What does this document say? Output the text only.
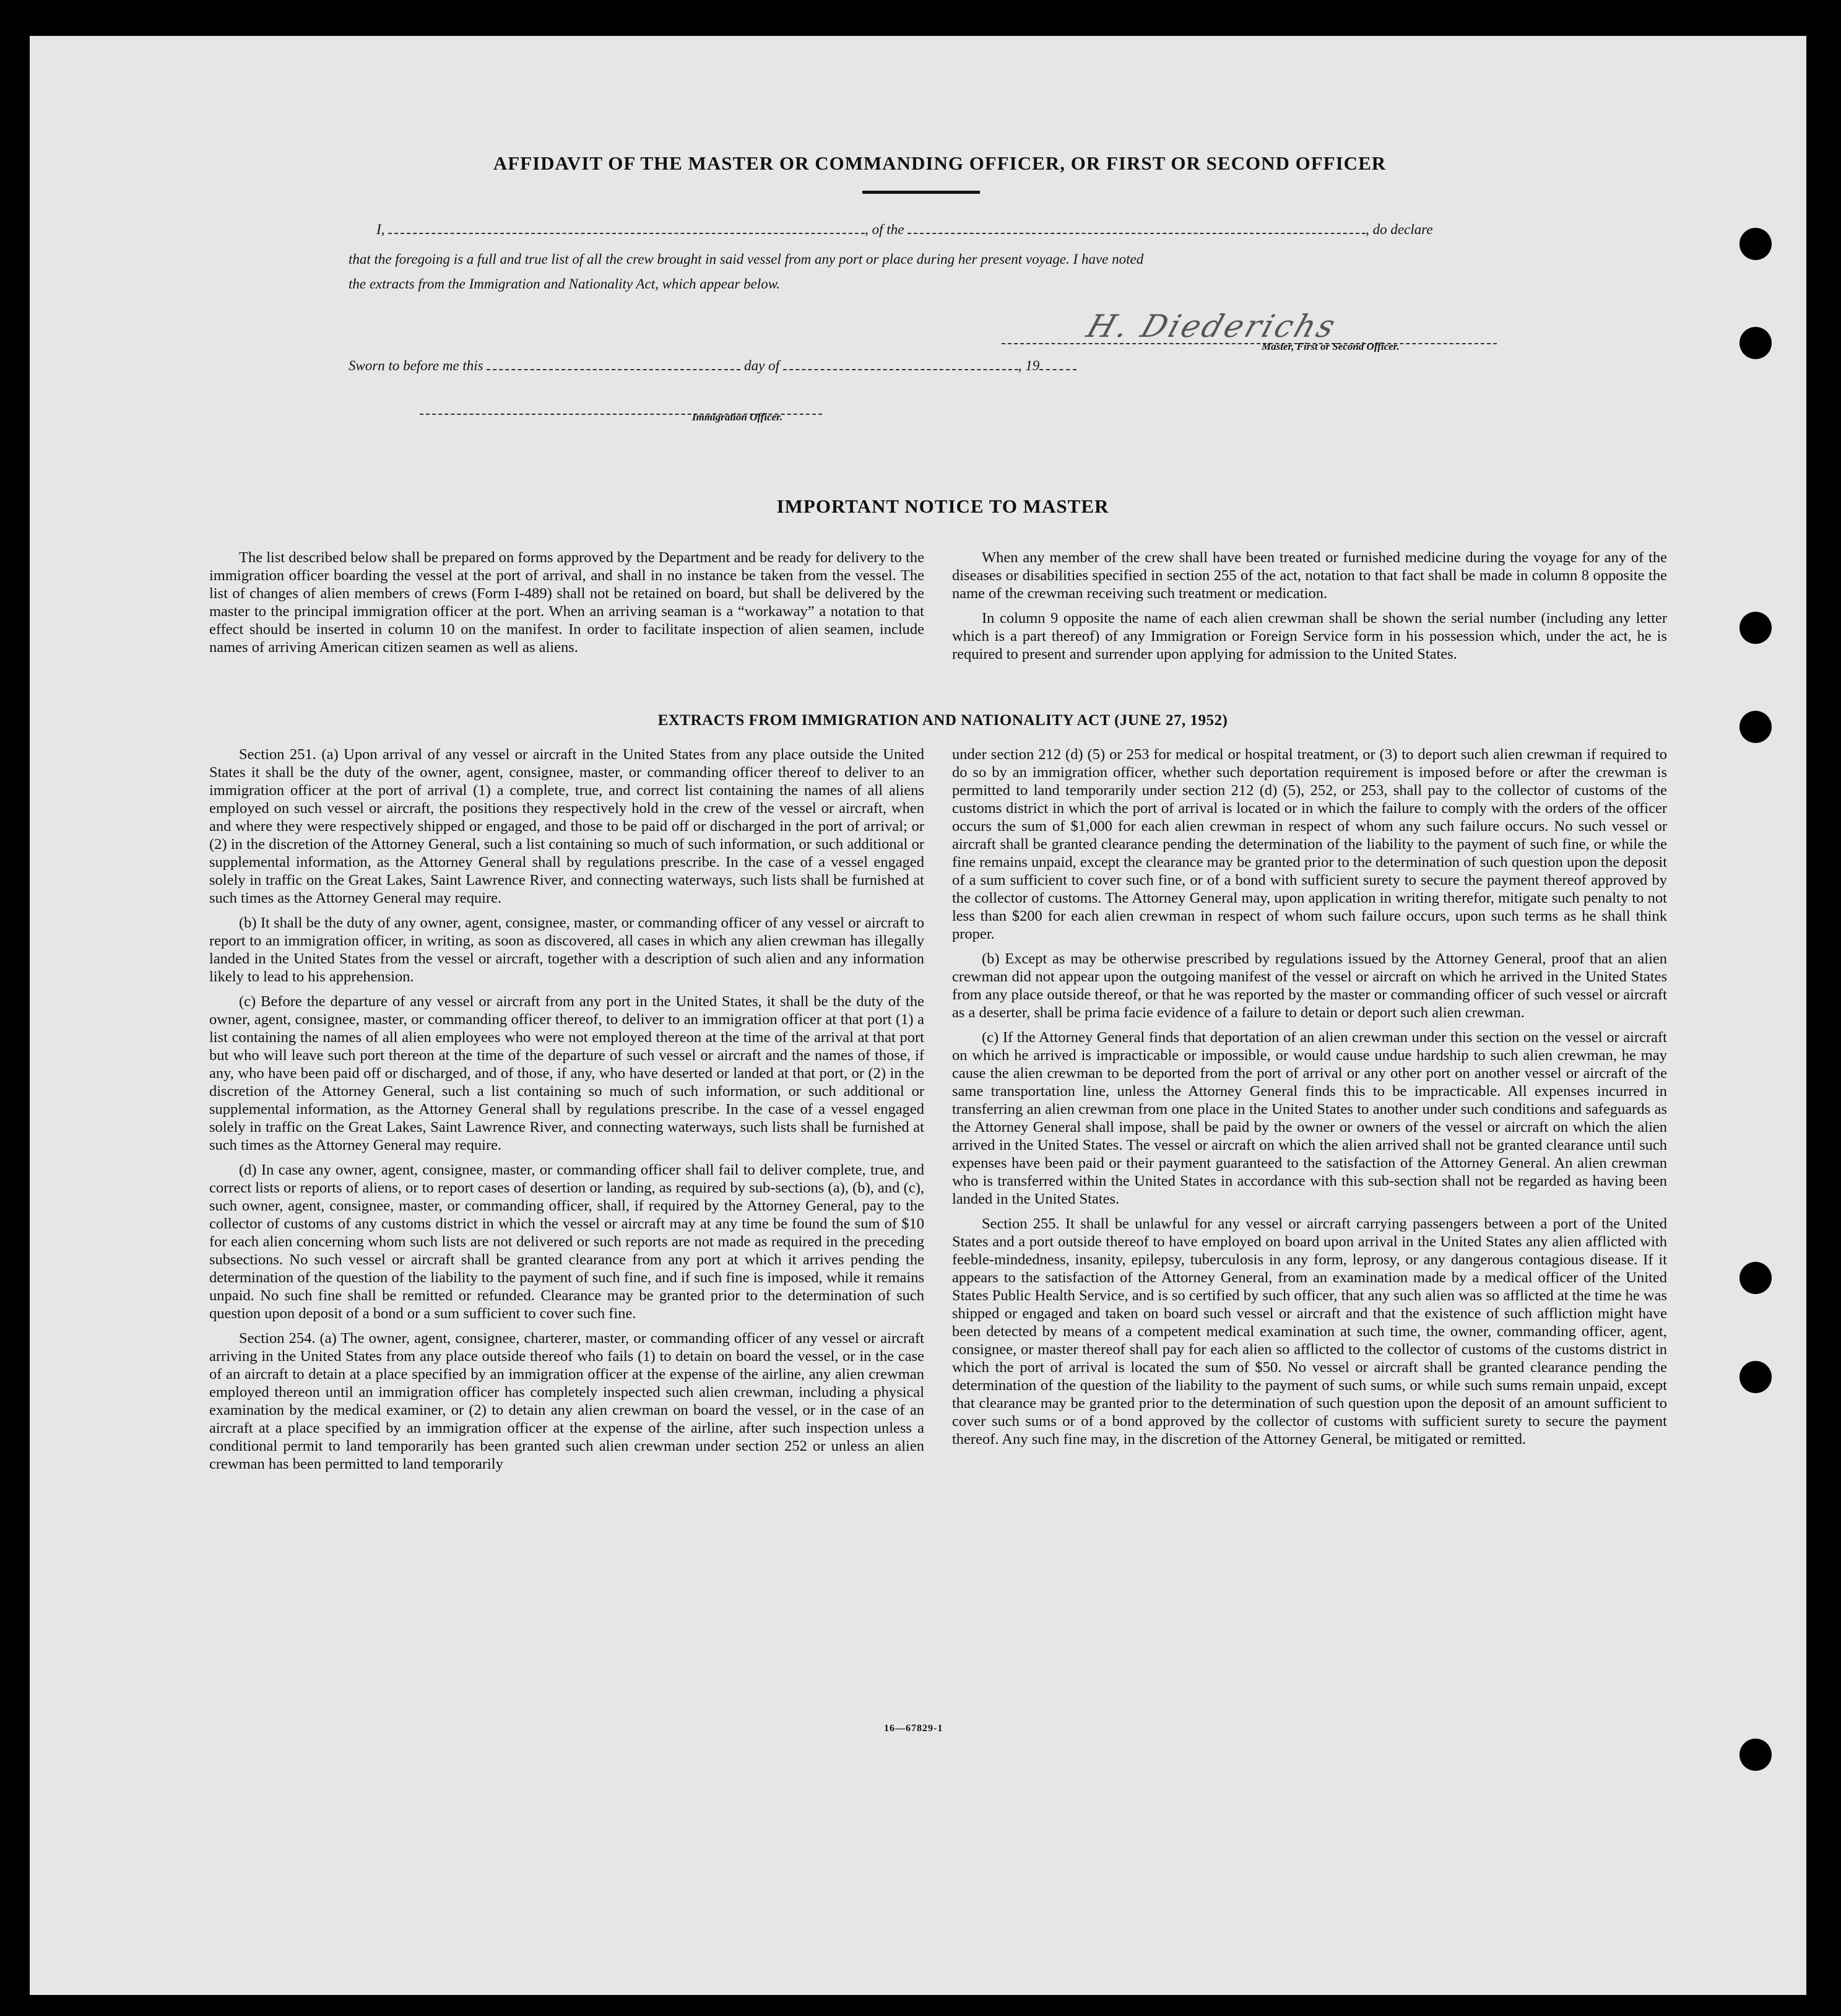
AFFIDAVIT OF THE MASTER OR COMMANDING OFFICER, OR FIRST OR SECOND OFFICER
I,	, of the	, do declare
that the foregoing is a full and true list of all the crew brought in said vessel from any port or place during her present voyage. I have noted
the extracts from the Immigration and Nationality Act, which appear below.
H. Diederichs
Master, First or Second Officer.
Sworn to before me this	day of	, 19
Immigration Officer.
IMPORTANT NOTICE TO MASTER

The list described below shall be prepared on forms approved by the Department and be ready for delivery to the immigration officer boarding the vessel at the port of arrival, and shall in no instance be taken from the vessel. The list of changes of alien members of crews (Form I-489) shall not be retained on board, but shall be delivered by the master to the principal immigration officer at the port. When an arriving seaman is a “workaway” a notation to that effect should be inserted in column 10 on the manifest. In order to facilitate inspection of alien seamen, include names of arriving American citizen seamen as well as aliens.

When any member of the crew shall have been treated or furnished medicine during the voyage for any of the diseases or disabilities specified in section 255 of the act, notation to that fact shall be made in column 8 opposite the name of the crewman receiving such treatment or medication.

In column 9 opposite the name of each alien crewman shall be shown the serial number (including any letter which is a part thereof) of any Immigration or Foreign Service form in his possession which, under the act, he is required to present and surrender upon applying for admission to the United States.

EXTRACTS FROM IMMIGRATION AND NATIONALITY ACT (JUNE 27, 1952)

Section 251. (a) Upon arrival of any vessel or aircraft in the United States from any place outside the United States it shall be the duty of the owner, agent, consignee, master, or commanding officer thereof to deliver to an immigration officer at the port of arrival (1) a complete, true, and correct list containing the names of all aliens employed on such vessel or aircraft, the positions they respectively hold in the crew of the vessel or aircraft, when and where they were respectively shipped or engaged, and those to be paid off or discharged in the port of arrival; or (2) in the discretion of the Attorney General, such a list containing so much of such information, or such additional or supplemental information, as the Attorney General shall by regulations prescribe. In the case of a vessel engaged solely in traffic on the Great Lakes, Saint Lawrence River, and connecting waterways, such lists shall be furnished at such times as the Attorney General may require.

(b) It shall be the duty of any owner, agent, consignee, master, or commanding officer of any vessel or aircraft to report to an immigration officer, in writing, as soon as discovered, all cases in which any alien crewman has illegally landed in the United States from the vessel or aircraft, together with a description of such alien and any information likely to lead to his apprehension.

(c) Before the departure of any vessel or aircraft from any port in the United States, it shall be the duty of the owner, agent, consignee, master, or commanding officer thereof, to deliver to an immigration officer at that port (1) a list containing the names of all alien employees who were not employed thereon at the time of the arrival at that port but who will leave such port thereon at the time of the departure of such vessel or aircraft and the names of those, if any, who have been paid off or discharged, and of those, if any, who have deserted or landed at that port, or (2) in the discretion of the Attorney General, such a list containing so much of such information, or such additional or supplemental information, as the Attorney General shall by regulations prescribe. In the case of a vessel engaged solely in traffic on the Great Lakes, Saint Lawrence River, and connecting waterways, such lists shall be furnished at such times as the Attorney General may require.

(d) In case any owner, agent, consignee, master, or commanding officer shall fail to deliver complete, true, and correct lists or reports of aliens, or to report cases of desertion or landing, as required by sub-sections (a), (b), and (c), such owner, agent, consignee, master, or commanding officer, shall, if required by the Attorney General, pay to the collector of customs of any customs district in which the vessel or aircraft may at any time be found the sum of $10 for each alien concerning whom such lists are not delivered or such reports are not made as required in the preceding subsections. No such vessel or aircraft shall be granted clearance from any port at which it arrives pending the determination of the question of the liability to the payment of such fine, and if such fine is imposed, while it remains unpaid. No such fine shall be remitted or refunded. Clearance may be granted prior to the determination of such question upon deposit of a bond or a sum sufficient to cover such fine.

Section 254. (a) The owner, agent, consignee, charterer, master, or commanding officer of any vessel or aircraft arriving in the United States from any place outside thereof who fails (1) to detain on board the vessel, or in the case of an aircraft to detain at a place specified by an immigration officer at the expense of the airline, any alien crewman employed thereon until an immigration officer has completely inspected such alien crewman, including a physical examination by the medical examiner, or (2) to detain any alien crewman on board the vessel, or in the case of an aircraft at a place specified by an immigration officer at the expense of the airline, after such inspection unless a conditional permit to land temporarily has been granted such alien crewman under section 252 or unless an alien crewman has been permitted to land temporarily

under section 212 (d) (5) or 253 for medical or hospital treatment, or (3) to deport such alien crewman if required to do so by an immigration officer, whether such deportation requirement is imposed before or after the crewman is permitted to land temporarily under section 212 (d) (5), 252, or 253, shall pay to the collector of customs of the customs district in which the port of arrival is located or in which the failure to comply with the orders of the officer occurs the sum of $1,000 for each alien crewman in respect of whom any such failure occurs. No such vessel or aircraft shall be granted clearance pending the determination of the liability to the payment of such fine, or while the fine remains unpaid, except the clearance may be granted prior to the determination of such question upon the deposit of a sum sufficient to cover such fine, or of a bond with sufficient surety to secure the payment thereof approved by the collector of customs. The Attorney General may, upon application in writing therefor, mitigate such penalty to not less than $200 for each alien crewman in respect of whom such failure occurs, upon such terms as he shall think proper.

(b) Except as may be otherwise prescribed by regulations issued by the Attorney General, proof that an alien crewman did not appear upon the outgoing manifest of the vessel or aircraft on which he arrived in the United States from any place outside thereof, or that he was reported by the master or commanding officer of such vessel or aircraft as a deserter, shall be prima facie evidence of a failure to detain or deport such alien crewman.

(c) If the Attorney General finds that deportation of an alien crewman under this section on the vessel or aircraft on which he arrived is impracticable or impossible, or would cause undue hardship to such alien crewman, he may cause the alien crewman to be deported from the port of arrival or any other port on another vessel or aircraft of the same transportation line, unless the Attorney General finds this to be impracticable. All expenses incurred in transferring an alien crewman from one place in the United States to another under such conditions and safeguards as the Attorney General shall impose, shall be paid by the owner or owners of the vessel or aircraft on which the alien arrived in the United States. The vessel or aircraft on which the alien arrived shall not be granted clearance until such expenses have been paid or their payment guaranteed to the satisfaction of the Attorney General. An alien crewman who is transferred within the United States in accordance with this sub-section shall not be regarded as having been landed in the United States.

Section 255. It shall be unlawful for any vessel or aircraft carrying passengers between a port of the United States and a port outside thereof to have employed on board upon arrival in the United States any alien afflicted with feeble-mindedness, insanity, epilepsy, tuberculosis in any form, leprosy, or any dangerous contagious disease. If it appears to the satisfaction of the Attorney General, from an examination made by a medical officer of the United States Public Health Service, and is so certified by such officer, that any such alien was so afflicted at the time he was shipped or engaged and taken on board such vessel or aircraft and that the existence of such affliction might have been detected by means of a competent medical examination at such time, the owner, commanding officer, agent, consignee, or master thereof shall pay for each alien so afflicted to the collector of customs of the customs district in which the port of arrival is located the sum of $50. No vessel or aircraft shall be granted clearance pending the determination of the question of the liability to the payment of such sums, or while such sums remain unpaid, except that clearance may be granted prior to the determination of such question upon the deposit of an amount sufficient to cover such sums or of a bond approved by the collector of customs with sufficient surety to secure the payment thereof. Any such fine may, in the discretion of the Attorney General, be mitigated or remitted.

16—67829-1
